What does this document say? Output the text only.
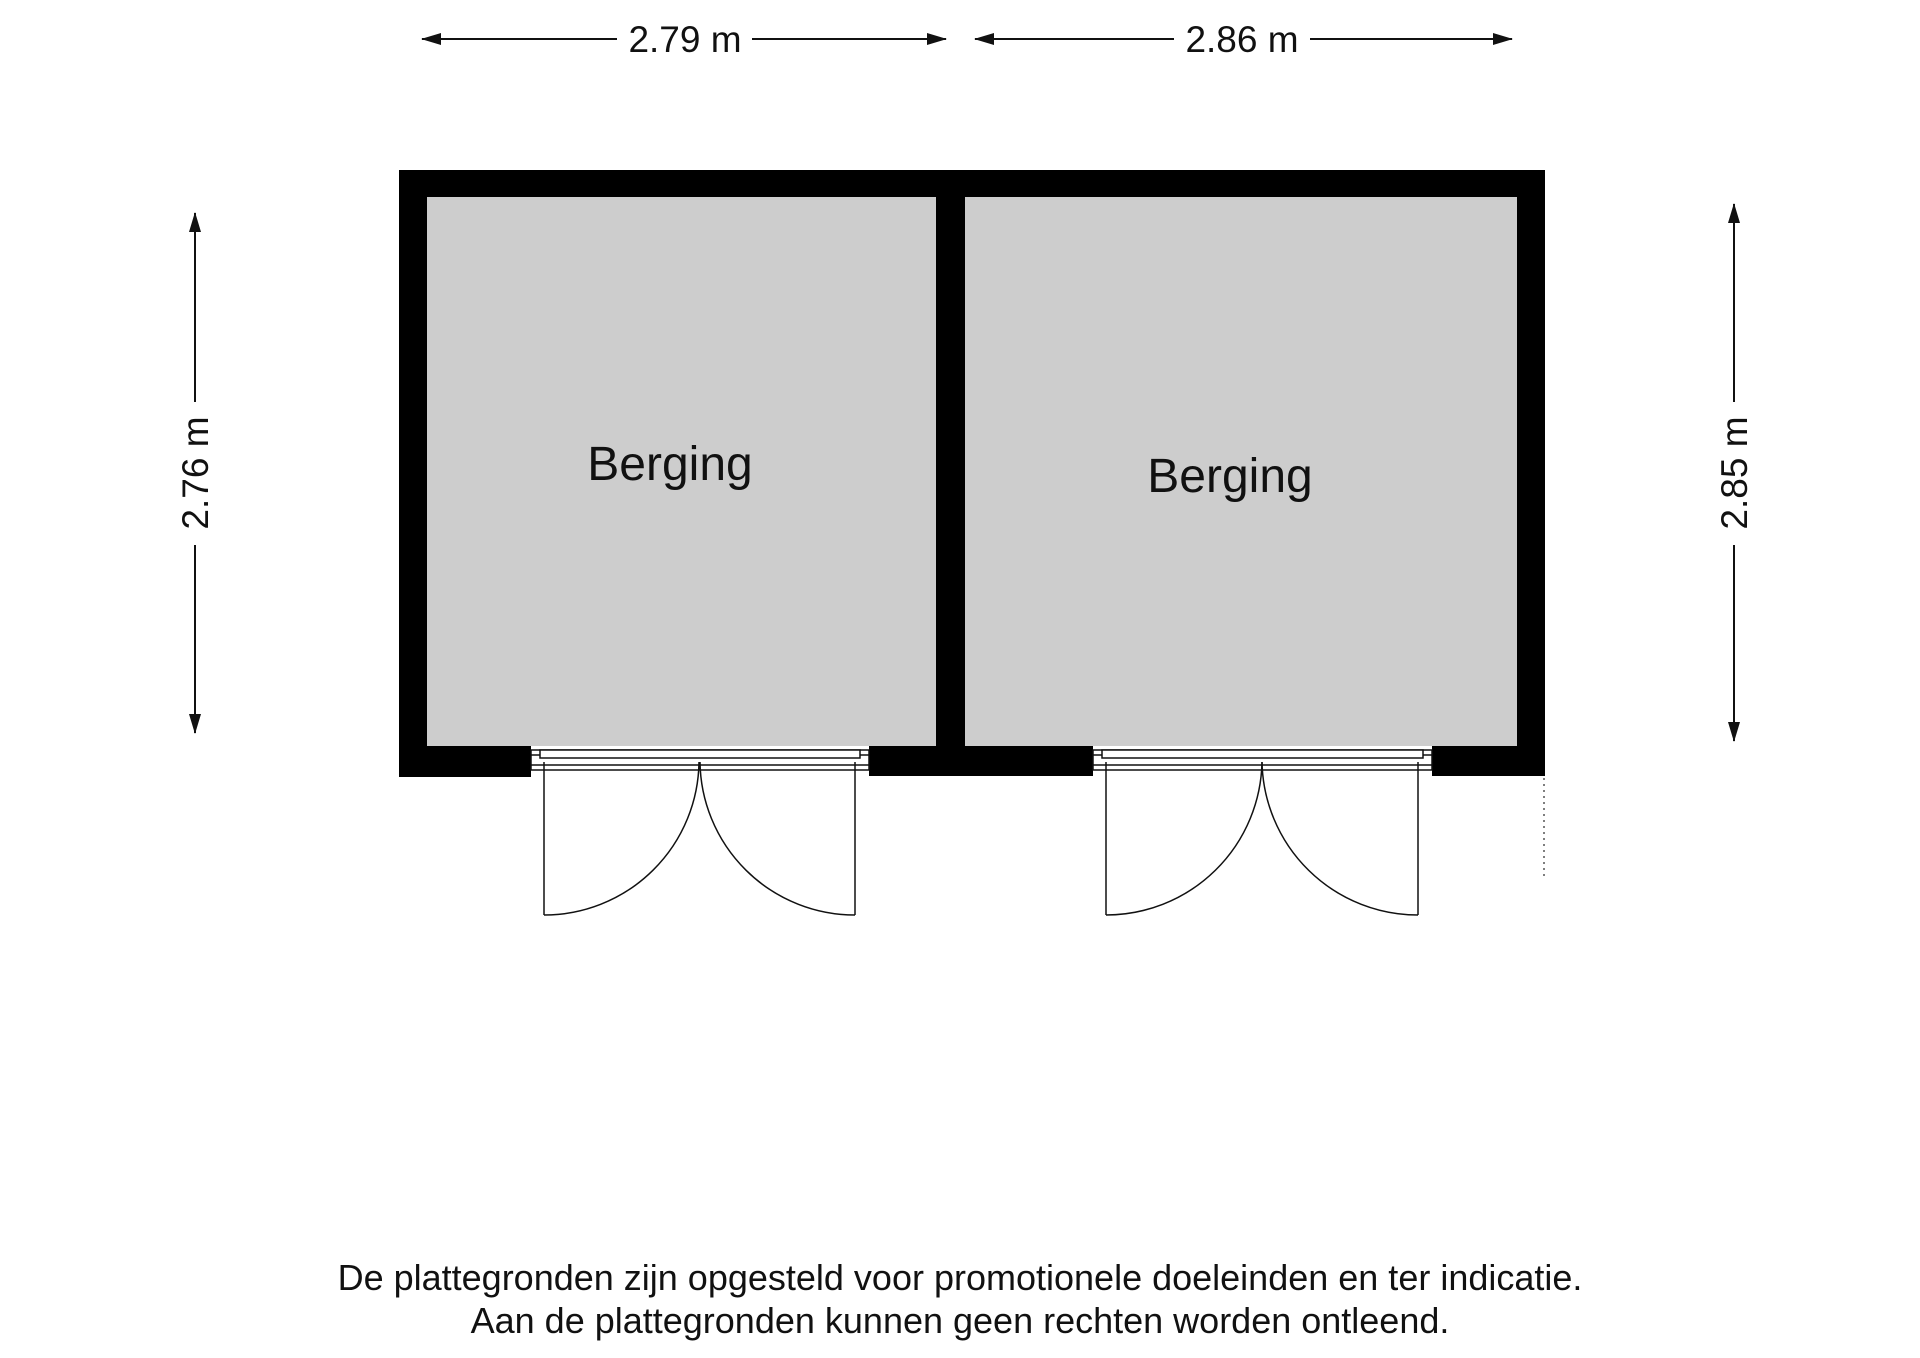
2.79 m	2.86 m
2.76 m	2.85 m
Berging	Berging
De plattegronden zijn opgesteld voor promotionele doeleinden en ter indicatie.
Aan de plattegronden kunnen geen rechten worden ontleend.
